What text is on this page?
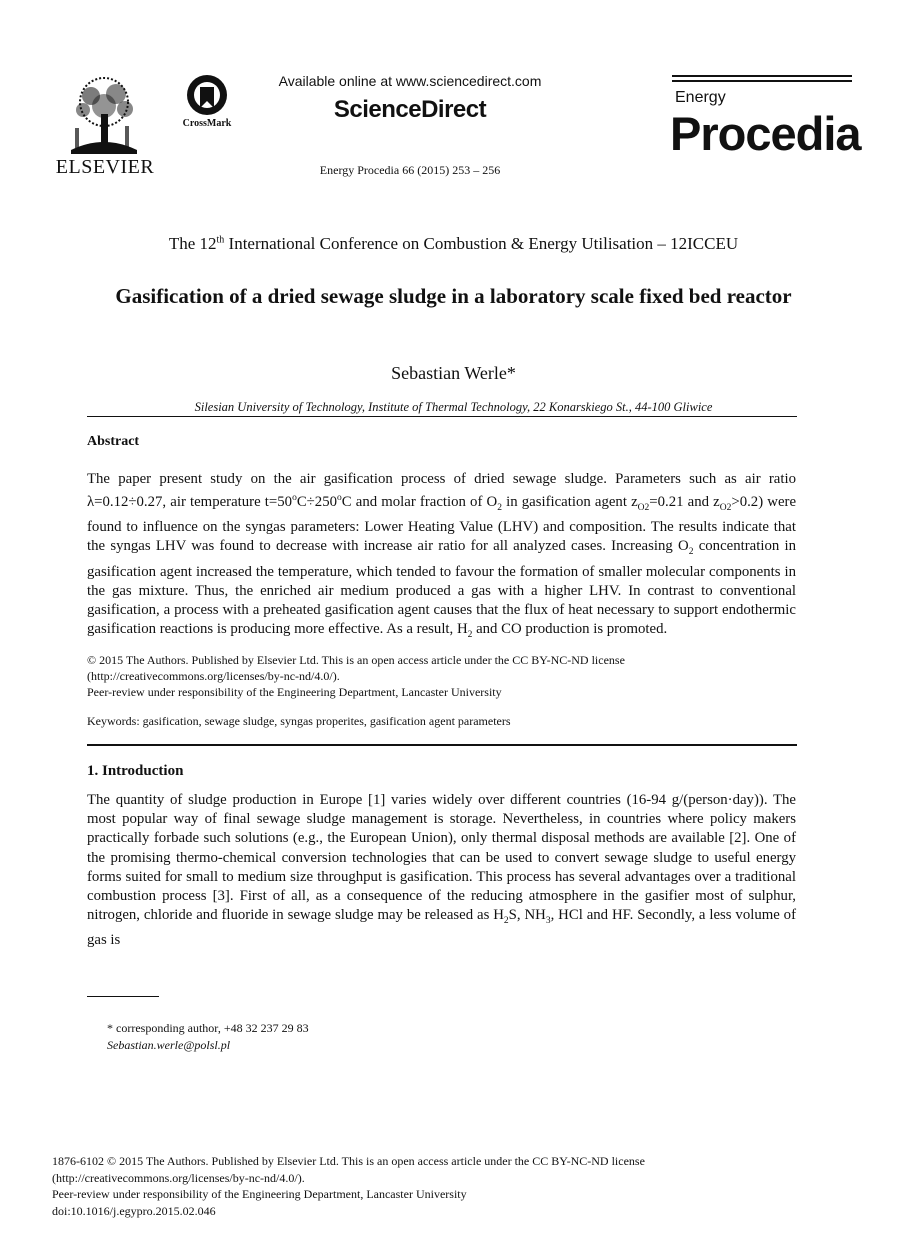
ELSEVIER
CrossMark
Available online at www.sciencedirect.com
ScienceDirect
Energy Procedia 66 (2015) 253 – 256
Energy
Procedia
The 12th International Conference on Combustion & Energy Utilisation – 12ICCEU
Gasification of a dried sewage sludge in a laboratory scale fixed bed reactor
Sebastian Werle*
Silesian University of Technology, Institute of Thermal Technology, 22 Konarskiego St., 44-100 Gliwice
Abstract
The paper present study on the air gasification process of dried sewage sludge. Parameters such as air ratio λ=0.12÷0.27, air temperature $t=50^oC\div 250^oC$ and molar fraction of $O_2$ in gasification agent $z_{O2}=0.21$ and $z_{O2}>0.2$) were found to influence on the syngas parameters: Lower Heating Value (LHV) and composition. The results indicate that the syngas LHV was found to decrease with increase air ratio for all analyzed cases. Increasing $O_2$ concentration in gasification agent increased the temperature, which tended to favour the formation of smaller molecular components in the gas mixture. Thus, the enriched air medium produced a gas with a higher LHV. In contrast to conventional gasification, a process with a preheated gasification agent causes that the flux of heat necessary to support endothermic gasification reactions is producing more effective. As a result, $H_2$ and CO production is promoted.
© 2015 The Authors. Published by Elsevier Ltd. This is an open access article under the CC BY-NC-ND license
(http://creativecommons.org/licenses/by-nc-nd/4.0/).
Peer-review under responsibility of the Engineering Department, Lancaster University
Keywords: gasification, sewage sludge, syngas properites, gasification agent parameters
1. Introduction
The quantity of sludge production in Europe [1] varies widely over different countries (16-94 g/(person·day)). The most popular way of final sewage sludge management is storage. Nevertheless, in countries where policy makers practically forbade such solutions (e.g., the European Union), only thermal disposal methods are available [2]. One of the promising thermo-chemical conversion technologies that can be used to convert sewage sludge to useful energy forms suited for small to medium size throughput is gasification. This process has several advantages over a traditional combustion process [3]. First of all, as a consequence of the reducing atmosphere in the gasifier most of sulphur, nitrogen, chloride and fluoride in sewage sludge may be released as $H_2S$, $NH_3$, HCl and HF. Secondly, a less volume of gas is
* corresponding author, +48 32 237 29 83
Sebastian.werle@polsl.pl
1876-6102 © 2015 The Authors. Published by Elsevier Ltd. This is an open access article under the CC BY-NC-ND license
(http://creativecommons.org/licenses/by-nc-nd/4.0/).
Peer-review under responsibility of the Engineering Department, Lancaster University
doi:10.1016/j.egypro.2015.02.046
